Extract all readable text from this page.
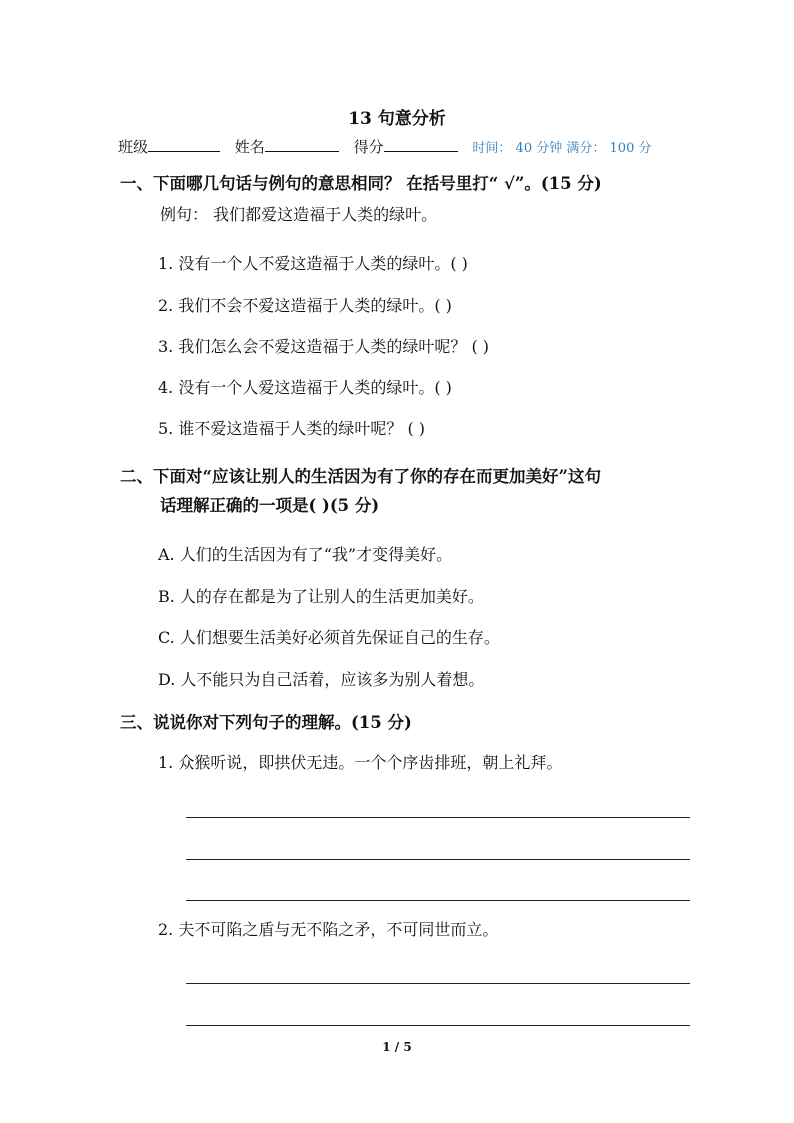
13 句意分析
班级	姓名	得分	时间： 40 分钟 满分： 100 分
一、下面哪几句话与例句的意思相同？ 在括号里打“ √”。(15 分)
例句： 我们都爱这造福于人类的绿叶。
1. 没有一个人不爱这造福于人类的绿叶。( )
2. 我们不会不爱这造福于人类的绿叶。( )
3. 我们怎么会不爱这造福于人类的绿叶呢？ ( )
4. 没有一个人爱这造福于人类的绿叶。( )
5. 谁不爱这造福于人类的绿叶呢？ ( )
二、下面对“应该让别人的生活因为有了你的存在而更加美好”这句
话理解正确的一项是( )(5 分)
A. 人们的生活因为有了“我”才变得美好。
B. 人的存在都是为了让别人的生活更加美好。
C. 人们想要生活美好必须首先保证自己的生存。
D. 人不能只为自己活着，应该多为别人着想。
三、说说你对下列句子的理解。(15 分)
1. 众猴听说，即拱伏无违。一个个序齿排班，朝上礼拜。
2. 夫不可陷之盾与无不陷之矛，不可同世而立。
1 / 5
